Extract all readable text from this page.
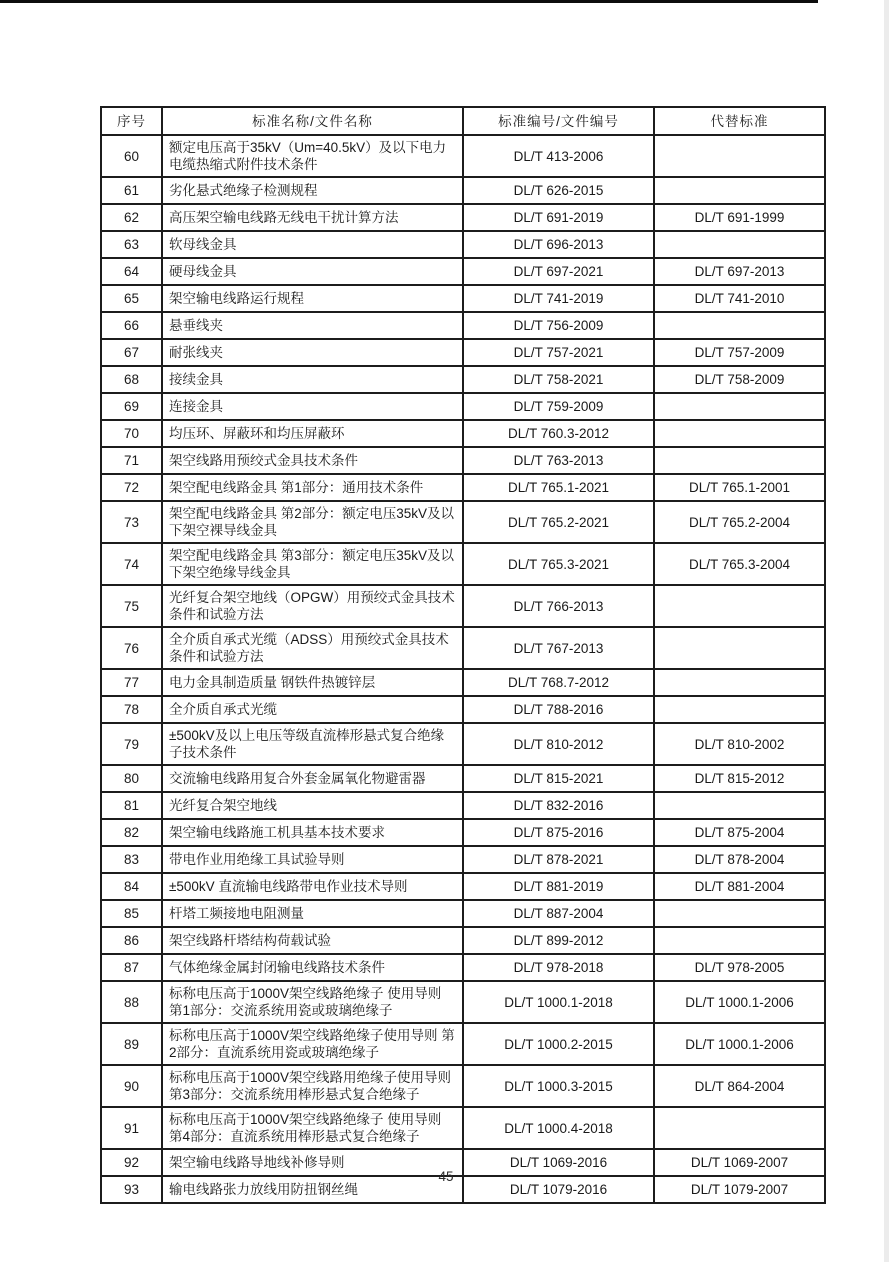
序号	标准名称/文件名称	标准编号/文件编号	代替标准
60	额定电压高于35kV（Um=40.5kV）及以下电力电缆热缩式附件技术条件	DL/T 413-2006	
61	劣化悬式绝缘子检测规程	DL/T 626-2015	
62	高压架空输电线路无线电干扰计算方法	DL/T 691-2019	DL/T 691-1999
63	软母线金具	DL/T 696-2013	
64	硬母线金具	DL/T 697-2021	DL/T 697-2013
65	架空输电线路运行规程	DL/T 741-2019	DL/T 741-2010
66	悬垂线夹	DL/T 756-2009	
67	耐张线夹	DL/T 757-2021	DL/T 757-2009
68	接续金具	DL/T 758-2021	DL/T 758-2009
69	连接金具	DL/T 759-2009	
70	均压环、屏蔽环和均压屏蔽环	DL/T 760.3-2012	
71	架空线路用预绞式金具技术条件	DL/T 763-2013	
72	架空配电线路金具 第1部分：通用技术条件	DL/T 765.1-2021	DL/T 765.1-2001
73	架空配电线路金具 第2部分：额定电压35kV及以下架空裸导线金具	DL/T 765.2-2021	DL/T 765.2-2004
74	架空配电线路金具 第3部分：额定电压35kV及以下架空绝缘导线金具	DL/T 765.3-2021	DL/T 765.3-2004
75	光纤复合架空地线（OPGW）用预绞式金具技术条件和试验方法	DL/T 766-2013	
76	全介质自承式光缆（ADSS）用预绞式金具技术条件和试验方法	DL/T 767-2013	
77	电力金具制造质量 钢铁件热镀锌层	DL/T 768.7-2012	
78	全介质自承式光缆	DL/T 788-2016	
79	±500kV及以上电压等级直流棒形悬式复合绝缘子技术条件	DL/T 810-2012	DL/T 810-2002
80	交流输电线路用复合外套金属氧化物避雷器	DL/T 815-2021	DL/T 815-2012
81	光纤复合架空地线	DL/T 832-2016	
82	架空输电线路施工机具基本技术要求	DL/T 875-2016	DL/T 875-2004
83	带电作业用绝缘工具试验导则	DL/T 878-2021	DL/T 878-2004
84	±500kV 直流输电线路带电作业技术导则	DL/T 881-2019	DL/T 881-2004
85	杆塔工频接地电阻测量	DL/T 887-2004	
86	架空线路杆塔结构荷载试验	DL/T 899-2012	
87	气体绝缘金属封闭输电线路技术条件	DL/T 978-2018	DL/T 978-2005
88	标称电压高于1000V架空线路绝缘子 使用导则 第1部分：交流系统用瓷或玻璃绝缘子	DL/T 1000.1-2018	DL/T 1000.1-2006
89	标称电压高于1000V架空线路绝缘子使用导则 第2部分：直流系统用瓷或玻璃绝缘子	DL/T 1000.2-2015	DL/T 1000.1-2006
90	标称电压高于1000V架空线路用绝缘子使用导则 第3部分：交流系统用棒形悬式复合绝缘子	DL/T 1000.3-2015	DL/T 864-2004
91	标称电压高于1000V架空线路绝缘子 使用导则 第4部分：直流系统用棒形悬式复合绝缘子	DL/T 1000.4-2018	
92	架空输电线路导地线补修导则	DL/T 1069-2016	DL/T 1069-2007
93	输电线路张力放线用防扭钢丝绳	DL/T 1079-2016	DL/T 1079-2007
45
